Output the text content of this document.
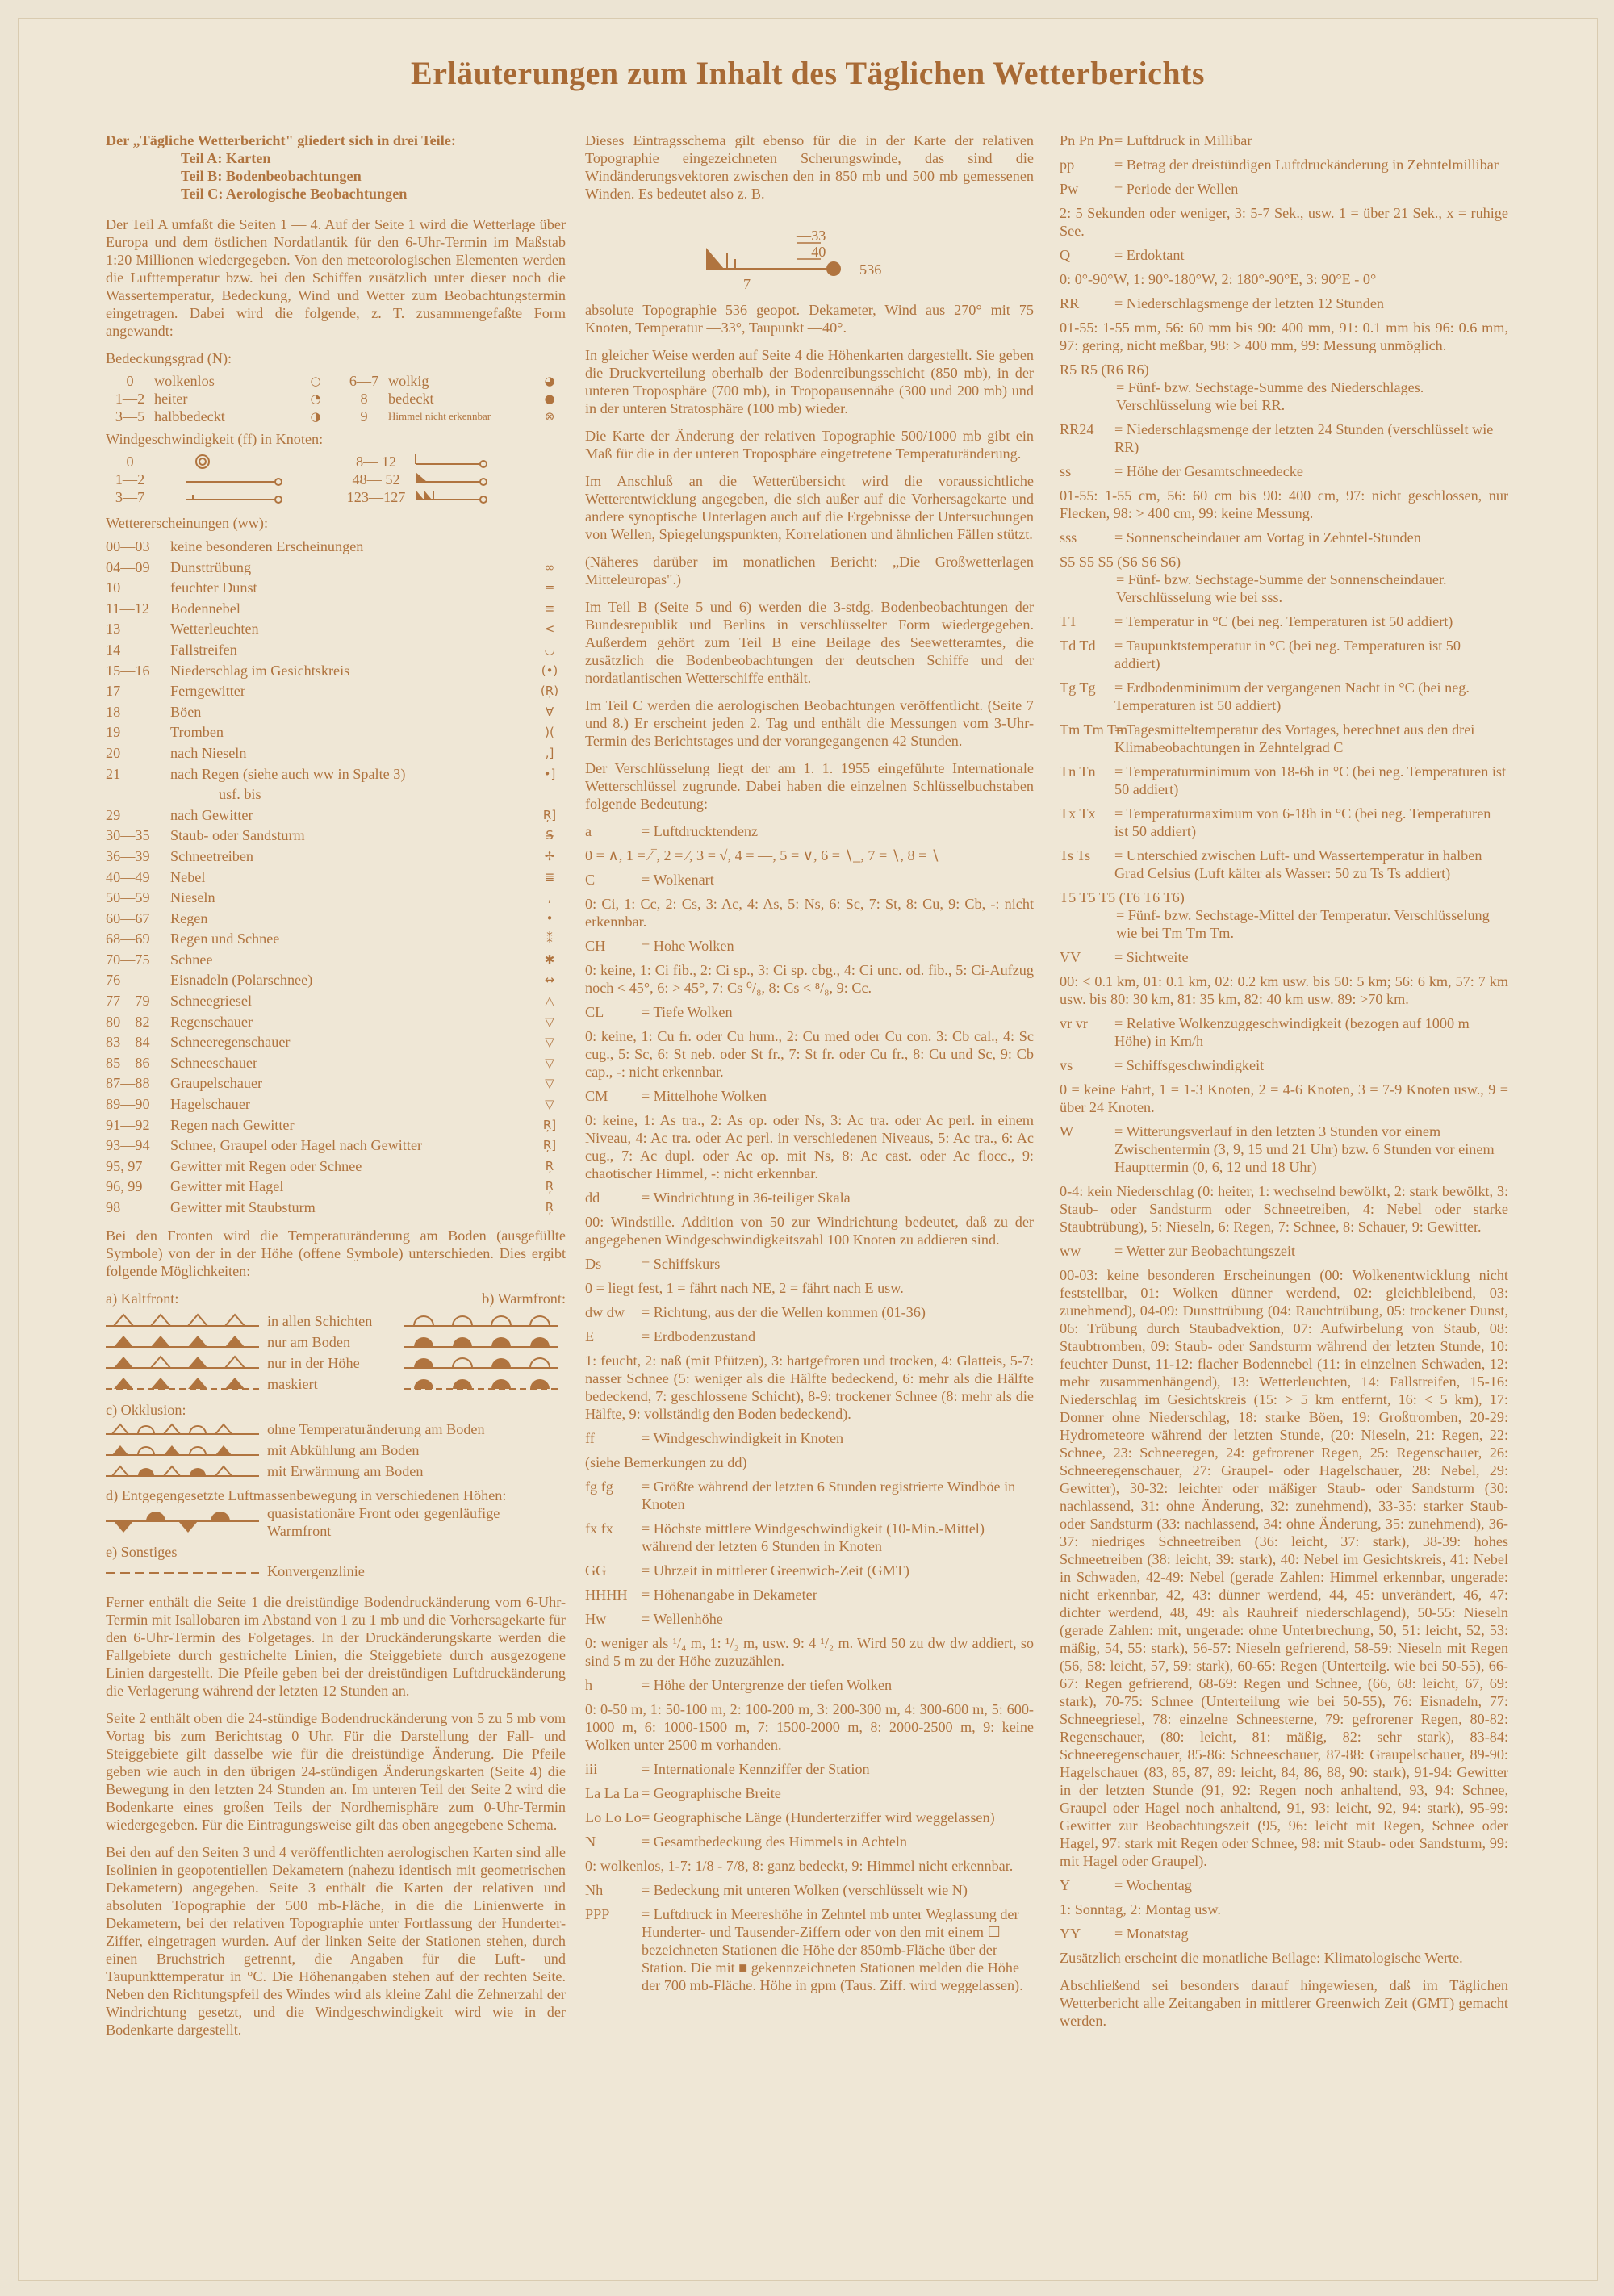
Erläuterungen zum Inhalt des Täglichen Wetterberichts
Der „Tägliche Wetterbericht" gliedert sich in drei Teile:
Teil A: Karten
Teil B: Bodenbeobachtungen
Teil C: Aerologische Beobachtungen

Der Teil A umfaßt die Seiten 1 — 4. Auf der Seite 1 wird die Wetterlage über Europa und dem östlichen Nordatlantik für den 6-Uhr-Termin im Maßstab 1:20 Millionen wiedergegeben. Von den meteorologischen Elementen werden die Lufttemperatur bzw. bei den Schiffen zusätzlich unter dieser noch die Wassertemperatur, Bedeckung, Wind und Wetter zum Beobachtungstermin eingetragen. Dabei wird die folgende, z. T. zusammengefaßte Form angewandt:

Bedeckungsgrad (N):
0	wolkenlos	○	6—7 wolkig	◕
1—2 heiter	◔	8	bedeckt	●
3—5 halbbedeckt	◑	9	Himmel nicht erkennbar	⊗
Windgeschwindigkeit (ff) in Knoten:
0	8— 12
1—2	48— 52
3—7	123—127
Wettererscheinungen (ww):
00—03	keine besonderen Erscheinungen
04—09	Dunsttrübung	∞
10	feuchter Dunst	═
11—12	Bodennebel	≡
13	Wetterleuchten	<
14	Fallstreifen	◡
15—16	Niederschlag im Gesichtskreis	(•)
17	Ferngewitter	(Ŗ)
18	Böen	∀
19	Tromben	)(
20	nach Nieseln	,]
21	nach Regen (siehe auch ww in Spalte 3)	•]
usf. bis
29	nach Gewitter	Ŗ]
30—35	Staub- oder Sandsturm	S̶
36—39	Schneetreiben	✢
40—49	Nebel	≣
50—59	Nieseln	,
60—67	Regen	•
68—69	Regen und Schnee	⁑
70—75	Schnee	✱
76	Eisnadeln (Polarschnee)	↔
77—79	Schneegriesel	△
80—82	Regenschauer	▽
83—84	Schneeregenschauer	▽
85—86	Schneeschauer	▽
87—88	Graupelschauer	▽
89—90	Hagelschauer	▽
91—92	Regen nach Gewitter	Ŗ]
93—94	Schnee, Graupel oder Hagel nach Gewitter	Ŗ]
95, 97	Gewitter mit Regen oder Schnee	Ŗ
96, 99	Gewitter mit Hagel	Ŗ
98	Gewitter mit Staubsturm	Ŗ

Bei den Fronten wird die Temperaturänderung am Boden (ausgefüllte Symbole) von der in der Höhe (offene Symbole) unterschieden. Dies ergibt folgende Möglichkeiten:

a) Kaltfront:	b) Warmfront:
in allen Schichten
nur am Boden
nur in der Höhe
maskiert
c) Okklusion:
ohne Temperaturänderung am Boden
mit Abkühlung am Boden
mit Erwärmung am Boden
d) Entgegengesetzte Luftmassenbewegung in verschiedenen Höhen:
quasistationäre Front oder gegenläufige Warmfront
e) Sonstiges
Konvergenzlinie

Ferner enthält die Seite 1 die dreistündige Bodendruckänderung vom 6-Uhr-Termin mit Isallobaren im Abstand von 1 zu 1 mb und die Vorhersagekarte für den 6-Uhr-Termin des Folgetages. In der Druckänderungskarte werden die Fallgebiete durch gestrichelte Linien, die Steiggebiete durch ausgezogene Linien dargestellt. Die Pfeile geben bei der dreistündigen Luftdruckänderung die Verlagerung während der letzten 12 Stunden an.

Seite 2 enthält oben die 24-stündige Bodendruckänderung von 5 zu 5 mb vom Vortag bis zum Berichtstag 0 Uhr. Für die Darstellung der Fall- und Steiggebiete gilt dasselbe wie für die dreistündige Änderung. Die Pfeile geben wie auch in den übrigen 24-stündigen Änderungskarten (Seite 4) die Bewegung in den letzten 24 Stunden an. Im unteren Teil der Seite 2 wird die Bodenkarte eines großen Teils der Nordhemisphäre zum 0-Uhr-Termin wiedergegeben. Für die Eintragungsweise gilt das oben angegebene Schema.

Bei den auf den Seiten 3 und 4 veröffentlichten aerologischen Karten sind alle Isolinien in geopotentiellen Dekametern (nahezu identisch mit geometrischen Dekametern) angegeben. Seite 3 enthält die Karten der relativen und absoluten Topographie der 500 mb-Fläche, in die die Linienwerte in Dekametern, bei der relativen Topographie unter Fortlassung der Hunderter-Ziffer, eingetragen wurden. Auf der linken Seite der Stationen stehen, durch einen Bruchstrich getrennt, die Angaben für die Luft- und Taupunkttemperatur in °C. Die Höhenangaben stehen auf der rechten Seite. Neben den Richtungspfeil des Windes wird als kleine Zahl die Zehnerzahl der Windrichtung gesetzt, und die Windgeschwindigkeit wird wie in der Bodenkarte dargestellt.

Dieses Eintragsschema gilt ebenso für die in der Karte der relativen Topographie eingezeichneten Scherungswinde, das sind die Windänderungsvektoren zwischen den in 850 mb und 500 mb gemessenen Winden. Es bedeutet also z. B.

—33
—40
7
536

absolute Topographie 536 geopot. Dekameter, Wind aus 270° mit 75 Knoten, Temperatur —33°, Taupunkt —40°.

In gleicher Weise werden auf Seite 4 die Höhenkarten dargestellt. Sie geben die Druckverteilung oberhalb der Bodenreibungsschicht (850 mb), in der unteren Troposphäre (700 mb), in Tropopausennähe (300 und 200 mb) und in der unteren Stratosphäre (100 mb) wieder.

Die Karte der Änderung der relativen Topographie 500/1000 mb gibt ein Maß für die in der unteren Troposphäre eingetretene Temperaturänderung.

Im Anschluß an die Wetterübersicht wird die voraussichtliche Wetterentwicklung angegeben, die sich außer auf die Vorhersagekarte und andere synoptische Unterlagen auch auf die Ergebnisse der Untersuchungen von Wellen, Spiegelungspunkten, Korrelationen und ähnlichen Fällen stützt.

(Näheres darüber im monatlichen Bericht: „Die Großwetterlagen Mitteleuropas".)

Im Teil B (Seite 5 und 6) werden die 3-stdg. Bodenbeobachtungen der Bundesrepublik und Berlins in verschlüsselter Form wiedergegeben. Außerdem gehört zum Teil B eine Beilage des Seewetteramtes, die zusätzlich die Bodenbeobachtungen der deutschen Schiffe und der nordatlantischen Wetterschiffe enthält.

Im Teil C werden die aerologischen Beobachtungen veröffentlicht. (Seite 7 und 8.) Er erscheint jeden 2. Tag und enthält die Messungen vom 3-Uhr-Termin des Berichtstages und der vorangegangenen 42 Stunden.

Der Verschlüsselung liegt der am 1. 1. 1955 eingeführte Internationale Wetterschlüssel zugrunde. Dabei haben die einzelnen Schlüsselbuchstaben folgende Bedeutung:

a	= Luftdrucktendenz
0 = ∧, 1 = ⁄‾, 2 = ⁄, 3 = √, 4 = —, 5 = ∨, 6 = ∖_, 7 = ∖, 8 = ∖
C	= Wolkenart
0: Ci, 1: Cc, 2: Cs, 3: Ac, 4: As, 5: Ns, 6: Sc, 7: St, 8: Cu, 9: Cb, -: nicht erkennbar.
CH	= Hohe Wolken
0: keine, 1: Ci fib., 2: Ci sp., 3: Ci sp. cbg., 4: Ci unc. od. fib., 5: Ci-Aufzug noch < 45°, 6: > 45°, 7: Cs ⁰/₈, 8: Cs < ⁸/₈, 9: Cc.
CL	= Tiefe Wolken
0: keine, 1: Cu fr. oder Cu hum., 2: Cu med oder Cu con. 3: Cb cal., 4: Sc cug., 5: Sc, 6: St neb. oder St fr., 7: St fr. oder Cu fr., 8: Cu und Sc, 9: Cb cap., -: nicht erkennbar.
CM	= Mittelhohe Wolken
0: keine, 1: As tra., 2: As op. oder Ns, 3: Ac tra. oder Ac perl. in einem Niveau, 4: Ac tra. oder Ac perl. in verschiedenen Niveaus, 5: Ac tra., 6: Ac cug., 7: Ac dupl. oder Ac op. mit Ns, 8: Ac cast. oder Ac flocc., 9: chaotischer Himmel, -: nicht erkennbar.
dd	= Windrichtung in 36-teiliger Skala
00: Windstille. Addition von 50 zur Windrichtung bedeutet, daß zu der angegebenen Windgeschwindigkeitszahl 100 Knoten zu addieren sind.
Ds	= Schiffskurs
0 = liegt fest, 1 = fährt nach NE, 2 = fährt nach E usw.
dw dw	= Richtung, aus der die Wellen kommen (01-36)
E	= Erdbodenzustand
1: feucht, 2: naß (mit Pfützen), 3: hartgefroren und trocken, 4: Glatteis, 5-7: nasser Schnee (5: weniger als die Hälfte bedeckend, 6: mehr als die Hälfte bedeckend, 7: geschlossene Schicht), 8-9: trockener Schnee (8: mehr als die Hälfte, 9: vollständig den Boden bedeckend).
ff	= Windgeschwindigkeit in Knoten
(siehe Bemerkungen zu dd)
fg fg	= Größte während der letzten 6 Stunden registrierte Windböe in Knoten
fx fx	= Höchste mittlere Windgeschwindigkeit (10-Min.-Mittel) während der letzten 6 Stunden in Knoten
GG	= Uhrzeit in mittlerer Greenwich-Zeit (GMT)
HHHH = Höhenangabe in Dekameter
Hw	= Wellenhöhe
0: weniger als ¹/₄ m, 1: ¹/₂ m, usw. 9: 4 ¹/₂ m. Wird 50 zu dw dw addiert, so sind 5 m zu der Höhe zuzuzählen.
h	= Höhe der Untergrenze der tiefen Wolken
0: 0-50 m, 1: 50-100 m, 2: 100-200 m, 3: 200-300 m, 4: 300-600 m, 5: 600-1000 m, 6: 1000-1500 m, 7: 1500-2000 m, 8: 2000-2500 m, 9: keine Wolken unter 2500 m vorhanden.
iii	= Internationale Kennziffer der Station
La La La = Geographische Breite
Lo Lo Lo = Geographische Länge (Hunderterziffer wird weggelassen)
N	= Gesamtbedeckung des Himmels in Achteln
0: wolkenlos, 1-7: 1/8 - 7/8, 8: ganz bedeckt, 9: Himmel nicht erkennbar.
Nh	= Bedeckung mit unteren Wolken (verschlüsselt wie N)
PPP	= Luftdruck in Meereshöhe in Zehntel mb unter Weglassung der Hunderter- und Tausender-Ziffern oder von den mit einem ☐ bezeichneten Stationen die Höhe der 850mb-Fläche über der Station. Die mit ■ gekennzeichneten Stationen melden die Höhe der 700 mb-Fläche. Höhe in gpm (Taus. Ziff. wird weggelassen).
Pn Pn Pn = Luftdruck in Millibar
pp	= Betrag der dreistündigen Luftdruckänderung in Zehntelmillibar
Pw	= Periode der Wellen
2: 5 Sekunden oder weniger, 3: 5-7 Sek., usw. 1 = über 21 Sek., x = ruhige See.
Q	= Erdoktant
0: 0°-90°W, 1: 90°-180°W, 2: 180°-90°E, 3: 90°E - 0°
RR	= Niederschlagsmenge der letzten 12 Stunden
01-55: 1-55 mm, 56: 60 mm bis 90: 400 mm, 91: 0.1 mm bis 96: 0.6 mm, 97: gering, nicht meßbar, 98: > 400 mm, 99: Messung unmöglich.
R5 R5 (R6 R6)
= Fünf- bzw. Sechstage-Summe des Niederschlages. Verschlüsselung wie bei RR.
RR24	= Niederschlagsmenge der letzten 24 Stunden (verschlüsselt wie RR)
ss	= Höhe der Gesamtschneedecke
01-55: 1-55 cm, 56: 60 cm bis 90: 400 cm, 97: nicht geschlossen, nur Flecken, 98: > 400 cm, 99: keine Messung.
sss	= Sonnenscheindauer am Vortag in Zehntel-Stunden
S5 S5 S5 (S6 S6 S6)
= Fünf- bzw. Sechstage-Summe der Sonnenscheindauer. Verschlüsselung wie bei sss.
TT	= Temperatur in °C (bei neg. Temperaturen ist 50 addiert)
Td Td	= Taupunktstemperatur in °C (bei neg. Temperaturen ist 50 addiert)
Tg Tg	= Erdbodenminimum der vergangenen Nacht in °C (bei neg. Temperaturen ist 50 addiert)
Tm Tm Tm
= Tagesmitteltemperatur des Vortages, berechnet aus den drei Klimabeobachtungen in Zehntelgrad C
Tn Tn	= Temperaturminimum von 18-6h in °C (bei neg. Temperaturen ist 50 addiert)
Tx Tx	= Temperaturmaximum von 6-18h in °C (bei neg. Temperaturen ist 50 addiert)
Ts Ts	= Unterschied zwischen Luft- und Wassertemperatur in halben Grad Celsius (Luft kälter als Wasser: 50 zu Ts Ts addiert)
T5 T5 T5 (T6 T6 T6)
= Fünf- bzw. Sechstage-Mittel der Temperatur. Verschlüsselung wie bei Tm Tm Tm.
VV	= Sichtweite
00: < 0.1 km, 01: 0.1 km, 02: 0.2 km usw. bis 50: 5 km; 56: 6 km, 57: 7 km usw. bis 80: 30 km, 81: 35 km, 82: 40 km usw. 89: >70 km.
vr vr	= Relative Wolkenzuggeschwindigkeit (bezogen auf 1000 m Höhe) in Km/h
vs	= Schiffsgeschwindigkeit
0 = keine Fahrt, 1 = 1-3 Knoten, 2 = 4-6 Knoten, 3 = 7-9 Knoten usw., 9 = über 24 Knoten.
W	= Witterungsverlauf in den letzten 3 Stunden vor einem Zwischentermin (3, 9, 15 und 21 Uhr) bzw. 6 Stunden vor einem Haupttermin (0, 6, 12 und 18 Uhr)
0-4: kein Niederschlag (0: heiter, 1: wechselnd bewölkt, 2: stark bewölkt, 3: Staub- oder Sandsturm oder Schneetreiben, 4: Nebel oder starke Staubtrübung), 5: Nieseln, 6: Regen, 7: Schnee, 8: Schauer, 9: Gewitter.
ww	= Wetter zur Beobachtungszeit
00-03: keine besonderen Erscheinungen (00: Wolkenentwicklung nicht feststellbar, 01: Wolken dünner werdend, 02: gleichbleibend, 03: zunehmend), 04-09: Dunsttrübung (04: Rauchtrübung, 05: trockener Dunst, 06: Trübung durch Staubadvektion, 07: Aufwirbelung von Staub, 08: Staubtromben, 09: Staub- oder Sandsturm während der letzten Stunde, 10: feuchter Dunst, 11-12: flacher Bodennebel (11: in einzelnen Schwaden, 12: mehr zusammenhängend), 13: Wetterleuchten, 14: Fallstreifen, 15-16: Niederschlag im Gesichtskreis (15: > 5 km entfernt, 16: < 5 km), 17: Donner ohne Niederschlag, 18: starke Böen, 19: Großtromben, 20-29: Hydrometeore während der letzten Stunde, (20: Nieseln, 21: Regen, 22: Schnee, 23: Schneeregen, 24: gefrorener Regen, 25: Regenschauer, 26: Schneeregenschauer, 27: Graupel- oder Hagelschauer, 28: Nebel, 29: Gewitter), 30-32: leichter oder mäßiger Staub- oder Sandsturm (30: nachlassend, 31: ohne Änderung, 32: zunehmend), 33-35: starker Staub- oder Sandsturm (33: nachlassend, 34: ohne Änderung, 35: zunehmend), 36-37: niedriges Schneetreiben (36: leicht, 37: stark), 38-39: hohes Schneetreiben (38: leicht, 39: stark), 40: Nebel im Gesichtskreis, 41: Nebel in Schwaden, 42-49: Nebel (gerade Zahlen: Himmel erkennbar, ungerade: nicht erkennbar, 42, 43: dünner werdend, 44, 45: unverändert, 46, 47: dichter werdend, 48, 49: als Rauhreif niederschlagend), 50-55: Nieseln (gerade Zahlen: mit, ungerade: ohne Unterbrechung, 50, 51: leicht, 52, 53: mäßig, 54, 55: stark), 56-57: Nieseln gefrierend, 58-59: Nieseln mit Regen (56, 58: leicht, 57, 59: stark), 60-65: Regen (Unterteilg. wie bei 50-55), 66-67: Regen gefrierend, 68-69: Regen und Schnee, (66, 68: leicht, 67, 69: stark), 70-75: Schnee (Unterteilung wie bei 50-55), 76: Eisnadeln, 77: Schneegriesel, 78: einzelne Schneesterne, 79: gefrorener Regen, 80-82: Regenschauer, (80: leicht, 81: mäßig, 82: sehr stark), 83-84: Schneeregenschauer, 85-86: Schneeschauer, 87-88: Graupelschauer, 89-90: Hagelschauer (83, 85, 87, 89: leicht, 84, 86, 88, 90: stark), 91-94: Gewitter in der letzten Stunde (91, 92: Regen noch anhaltend, 93, 94: Schnee, Graupel oder Hagel noch anhaltend, 91, 93: leicht, 92, 94: stark), 95-99: Gewitter zur Beobachtungszeit (95, 96: leicht mit Regen, Schnee oder Hagel, 97: stark mit Regen oder Schnee, 98: mit Staub- oder Sandsturm, 99: mit Hagel oder Graupel).
Y	= Wochentag
1: Sonntag, 2: Montag usw.
YY	= Monatstag

Zusätzlich erscheint die monatliche Beilage: Klimatologische Werte.

Abschließend sei besonders darauf hingewiesen, daß im Täglichen Wetterbericht alle Zeitangaben in mittlerer Greenwich Zeit (GMT) gemacht werden.
